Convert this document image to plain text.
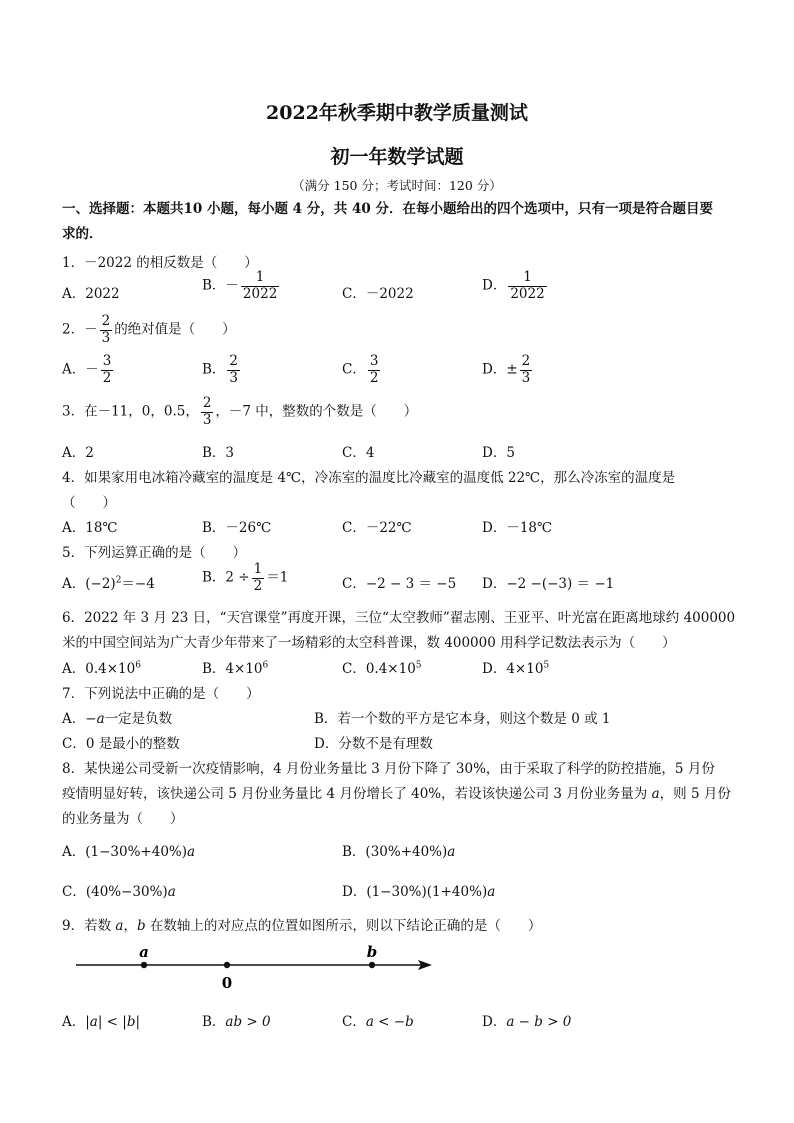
2022年秋季期中教学质量测试
初一年数学试题
（满分 150 分；考试时间：120 分）
一、选择题：本题共10 小题，每小题 4 分，共 40 分．在每小题给出的四个选项中，只有一项是符合题目要
求的．
1．－2022 的相反数是（　　）
A．2022
B．－ $\frac{1}{2022}$	C．－2022
D． $\frac{1}{2022}$
2．－ $\frac{2}{3}$ 的绝对值是（　　）
A．－ $\frac{3}{2}$	B． $\frac{2}{3}$	C． $\frac{3}{2}$	D．± $\frac{2}{3}$
3．在－11，0，0.5， $\frac{2}{3}$ ，－7 中，整数的个数是（　　）
A．2	B．3	C．4	D．5
4．如果家用电冰箱冷藏室的温度是 4℃，冷冻室的温度比冷藏室的温度低 22℃，那么冷冻室的温度是
（　　）
A．18℃	B．－26℃	C．－22℃	D．－18℃
5．下列运算正确的是（　　）
A．$(-2)^2=-4$	B．$2 \div \frac{1}{2} =1$	C．−2 − 3 ＝ −5 D．−2 −(−3) ＝ −1
6．2022 年 3 月 23 日，“天宫课堂”再度开课，三位“太空教师”翟志刚、王亚平、叶光富在距离地球约 400000
米的中国空间站为广大青少年带来了一场精彩的太空科普课，数 400000 用科学记数法表示为（　　）
A．$0.4\times 10^6$	B．$4\times 10^6$	C．$0.4\times 10^5$	D．$4\times 10^5$
7．下列说法中正确的是（　　）
A．−a一定是负数	B．若一个数的平方是它本身，则这个数是 0 或 1
C．0 是最小的整数	D．分数不是有理数
8．某快递公司受新一次疫情影响，4 月份业务量比 3 月份下降了 30%，由于采取了科学的防控措施，5 月份
疫情明显好转，该快递公司 5 月份业务量比 4 月份增长了 40%，若设该快递公司 3 月份业务量为 a，则 5 月份
的业务量为（　　）
A．(1−30%+40%)a	B．(30%+40%)a
C．(40%−30%)a	D．(1−30%)(1+40%)a
9．若数 a，b 在数轴上的对应点的位置如图所示，则以下结论正确的是（　　）
a
0
b
A．|a| < |b|	B．ab > 0	C．a < −b	D．a − b > 0
